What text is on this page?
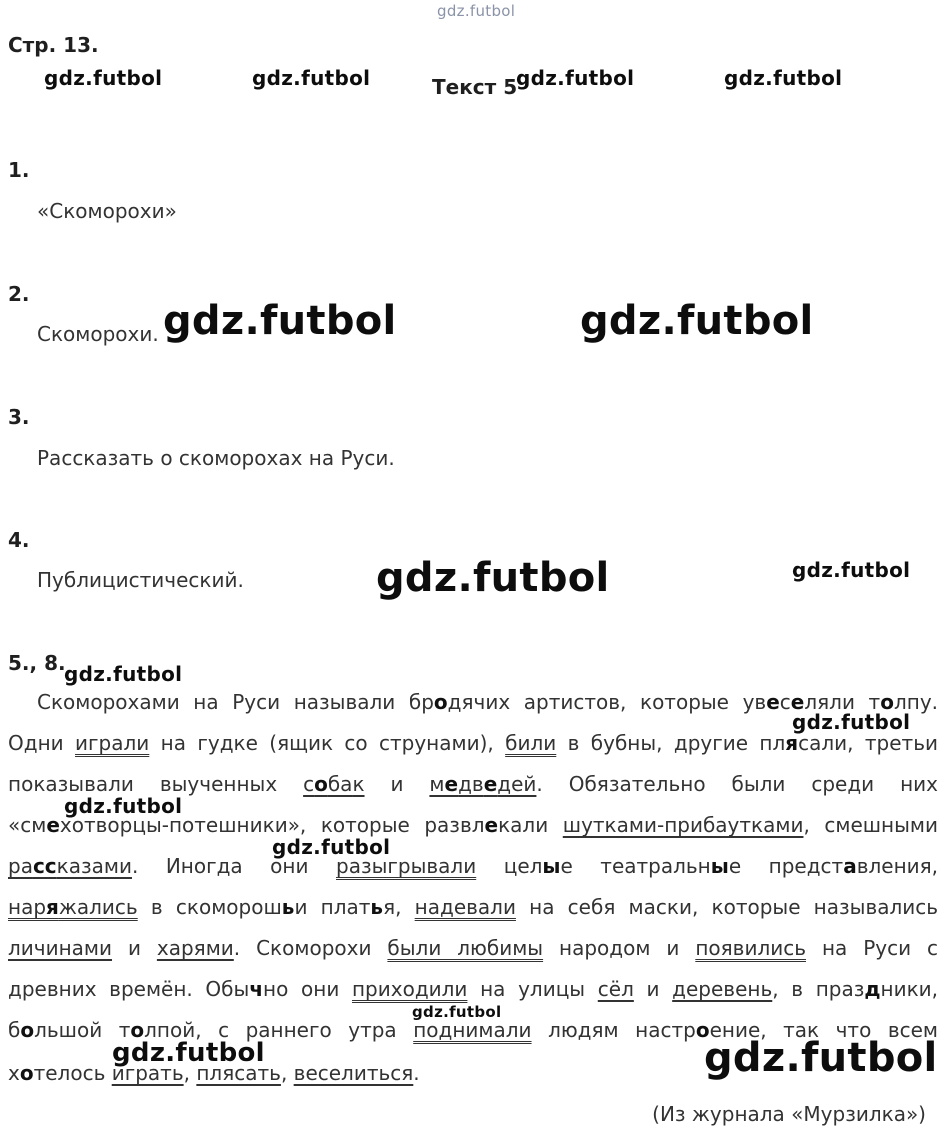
gdz.futbol
Стр. 13.
Текст 5
gdz.futbol	gdz.futbol	gdz.futbol	gdz.futbol
1.
«Скоморохи»
2.
Скоморохи. gdz.futbol	gdz.futbol
3.
Рассказать о скоморохах на Руси.
4.
Публицистический.	gdz.futbol	gdz.futbol
5., 8.
gdz.futbol
Скоморохами на Руси называли бродячих артистов, которые увеселяли толпу.
Одни играли на гудке (ящик со струнами), били в бубны, другие плясали, третьи
показывали выученных собак и медведей. Обязательно были среди них
«смехотворцы-потешники», которые развлекали шутками-прибаутками, смешными
рассказами. Иногда они разыгрывали целые театральные представления,
наряжались в скоморошьи платья, надевали на себя маски, которые назывались
личинами и харями. Скоморохи были любимы народом и появились на Руси с
древних времён. Обычно они приходили на улицы сёл и деревень, в праздники,
большой толпой, с раннего утра поднимали людям настроение, так что всем
хотелось играть, плясать, веселиться.
(Из журнала «Мурзилка»)
gdz.futbol
gdz.futbol
gdz.futbol
gdz.futbol
gdz.futbol	gdz.futbol
